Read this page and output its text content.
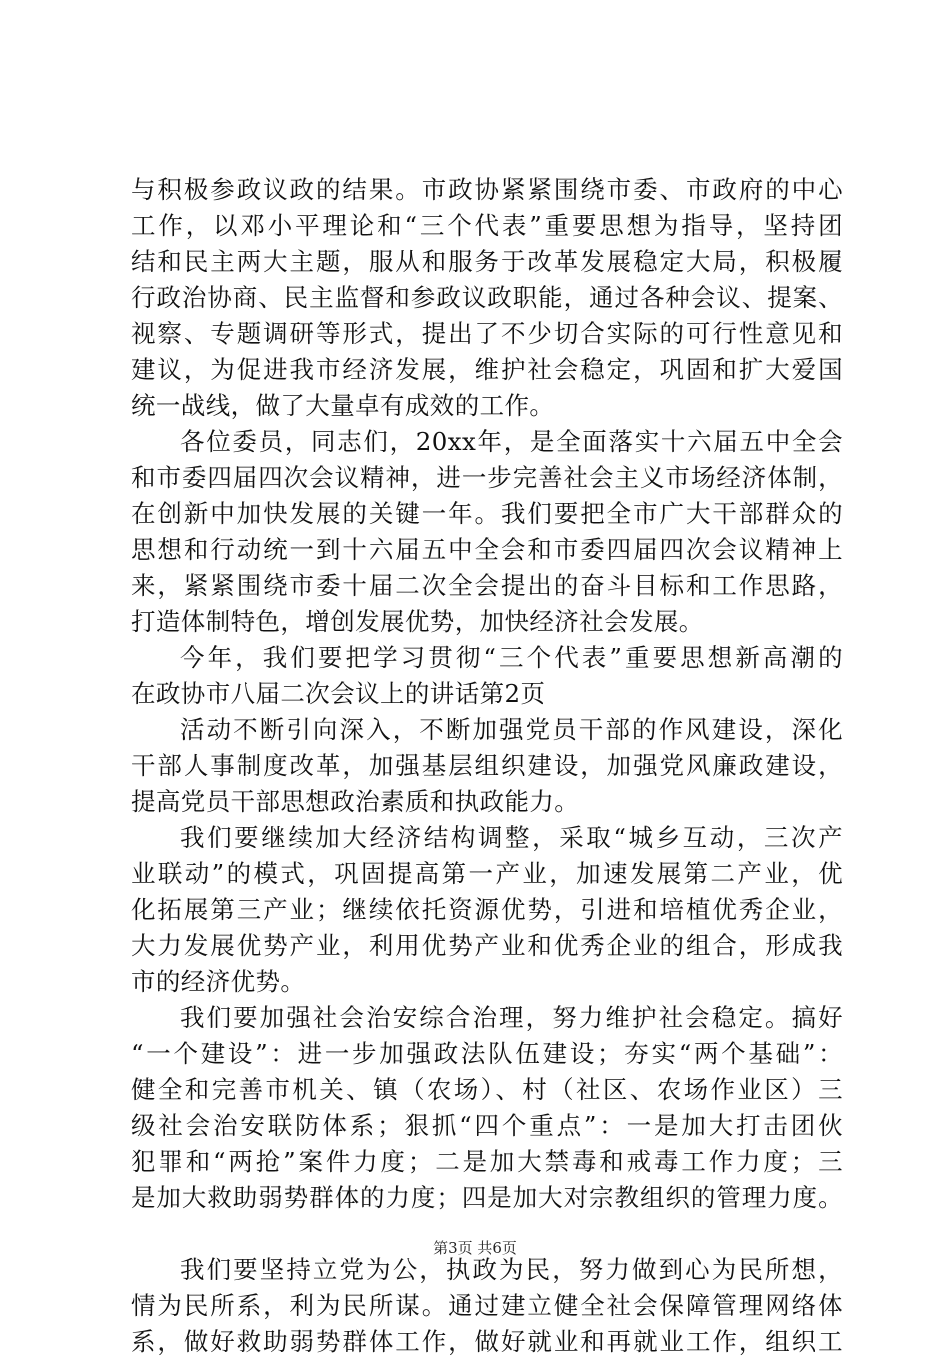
与积极参政议政的结果。市政协紧紧围绕市委、市政府的中心
工作，以邓小平理论和“三个代表”重要思想为指导，坚持团
结和民主两大主题，服从和服务于改革发展稳定大局，积极履
行政治协商、民主监督和参政议政职能，通过各种会议、提案、
视察、专题调研等形式，提出了不少切合实际的可行性意见和
建议，为促进我市经济发展，维护社会稳定，巩固和扩大爱国
统一战线，做了大量卓有成效的工作。
各位委员，同志们，20xx年，是全面落实十六届五中全会
和市委四届四次会议精神，进一步完善社会主义市场经济体制，
在创新中加快发展的关键一年。我们要把全市广大干部群众的
思想和行动统一到十六届五中全会和市委四届四次会议精神上
来，紧紧围绕市委十届二次全会提出的奋斗目标和工作思路，
打造体制特色，增创发展优势，加快经济社会发展。
今年，我们要把学习贯彻“三个代表”重要思想新高潮的
在政协市八届二次会议上的讲话第2页
活动不断引向深入，不断加强党员干部的作风建设，深化
干部人事制度改革，加强基层组织建设，加强党风廉政建设，
提高党员干部思想政治素质和执政能力。
我们要继续加大经济结构调整，采取“城乡互动，三次产
业联动”的模式，巩固提高第一产业，加速发展第二产业，优
化拓展第三产业；继续依托资源优势，引进和培植优秀企业，
大力发展优势产业，利用优势产业和优秀企业的组合，形成我
市的经济优势。
我们要加强社会治安综合治理，努力维护社会稳定。搞好
“一个建设”：进一步加强政法队伍建设；夯实“两个基础”：
健全和完善市机关、镇（农场）、村（社区、农场作业区）三
级社会治安联防体系；狠抓“四个重点”：一是加大打击团伙
犯罪和“两抢”案件力度；二是加大禁毒和戒毒工作力度；三
是加大救助弱势群体的力度；四是加大对宗教组织的管理力度。
我们要坚持立党为公，执政为民，努力做到心为民所想，
情为民所系，利为民所谋。通过建立健全社会保障管理网络体
系，做好救助弱势群体工作，做好就业和再就业工作，组织工
第3页 共6页
